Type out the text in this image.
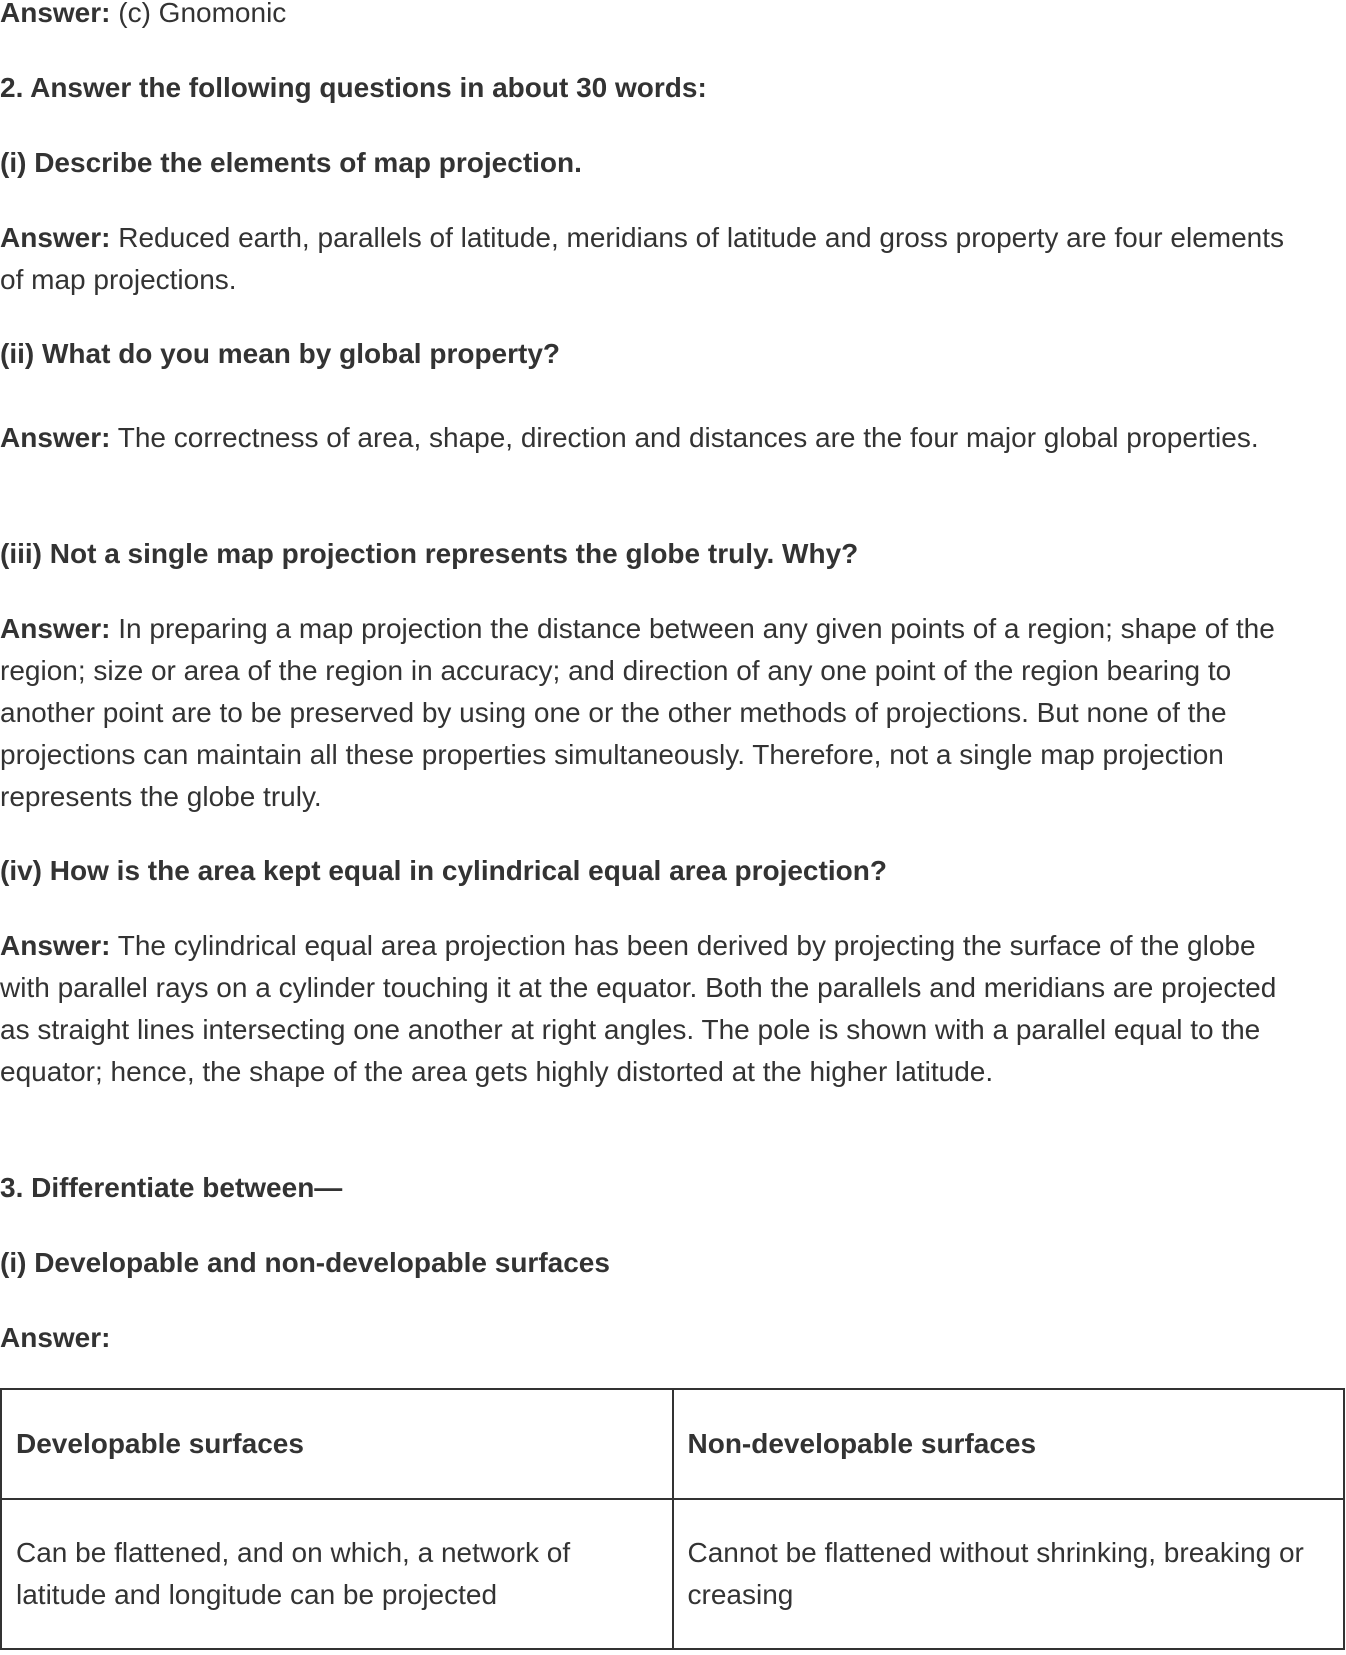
Answer: (c) Gnomonic
2. Answer the following questions in about 30 words:
(i) Describe the elements of map projection.
Answer: Reduced earth, parallels of latitude, meridians of latitude and gross property are four elements of map projections.
(ii) What do you mean by global property?
Answer: The correctness of area, shape, direction and distances are the four major global properties.
(iii) Not a single map projection represents the globe truly. Why?
Answer: In preparing a map projection the distance between any given points of a region; shape of the region; size or area of the region in accuracy; and direction of any one point of the region bearing to another point are to be preserved by using one or the other methods of projections. But none of the projections can maintain all these properties simultaneously. Therefore, not a single map projection represents the globe truly.
(iv) How is the area kept equal in cylindrical equal area projection?
Answer: The cylindrical equal area projection has been derived by projecting the surface of the globe with parallel rays on a cylinder touching it at the equator. Both the parallels and meridians are projected as straight lines intersecting one another at right angles. The pole is shown with a parallel equal to the equator; hence, the shape of the area gets highly distorted at the higher latitude.
3. Differentiate between—
(i) Developable and non-developable surfaces
Answer:
Developable surfaces	Non-developable surfaces
Can be flattened, and on which, a network of latitude and longitude can be projected	Cannot be flattened without shrinking, breaking or creasing
